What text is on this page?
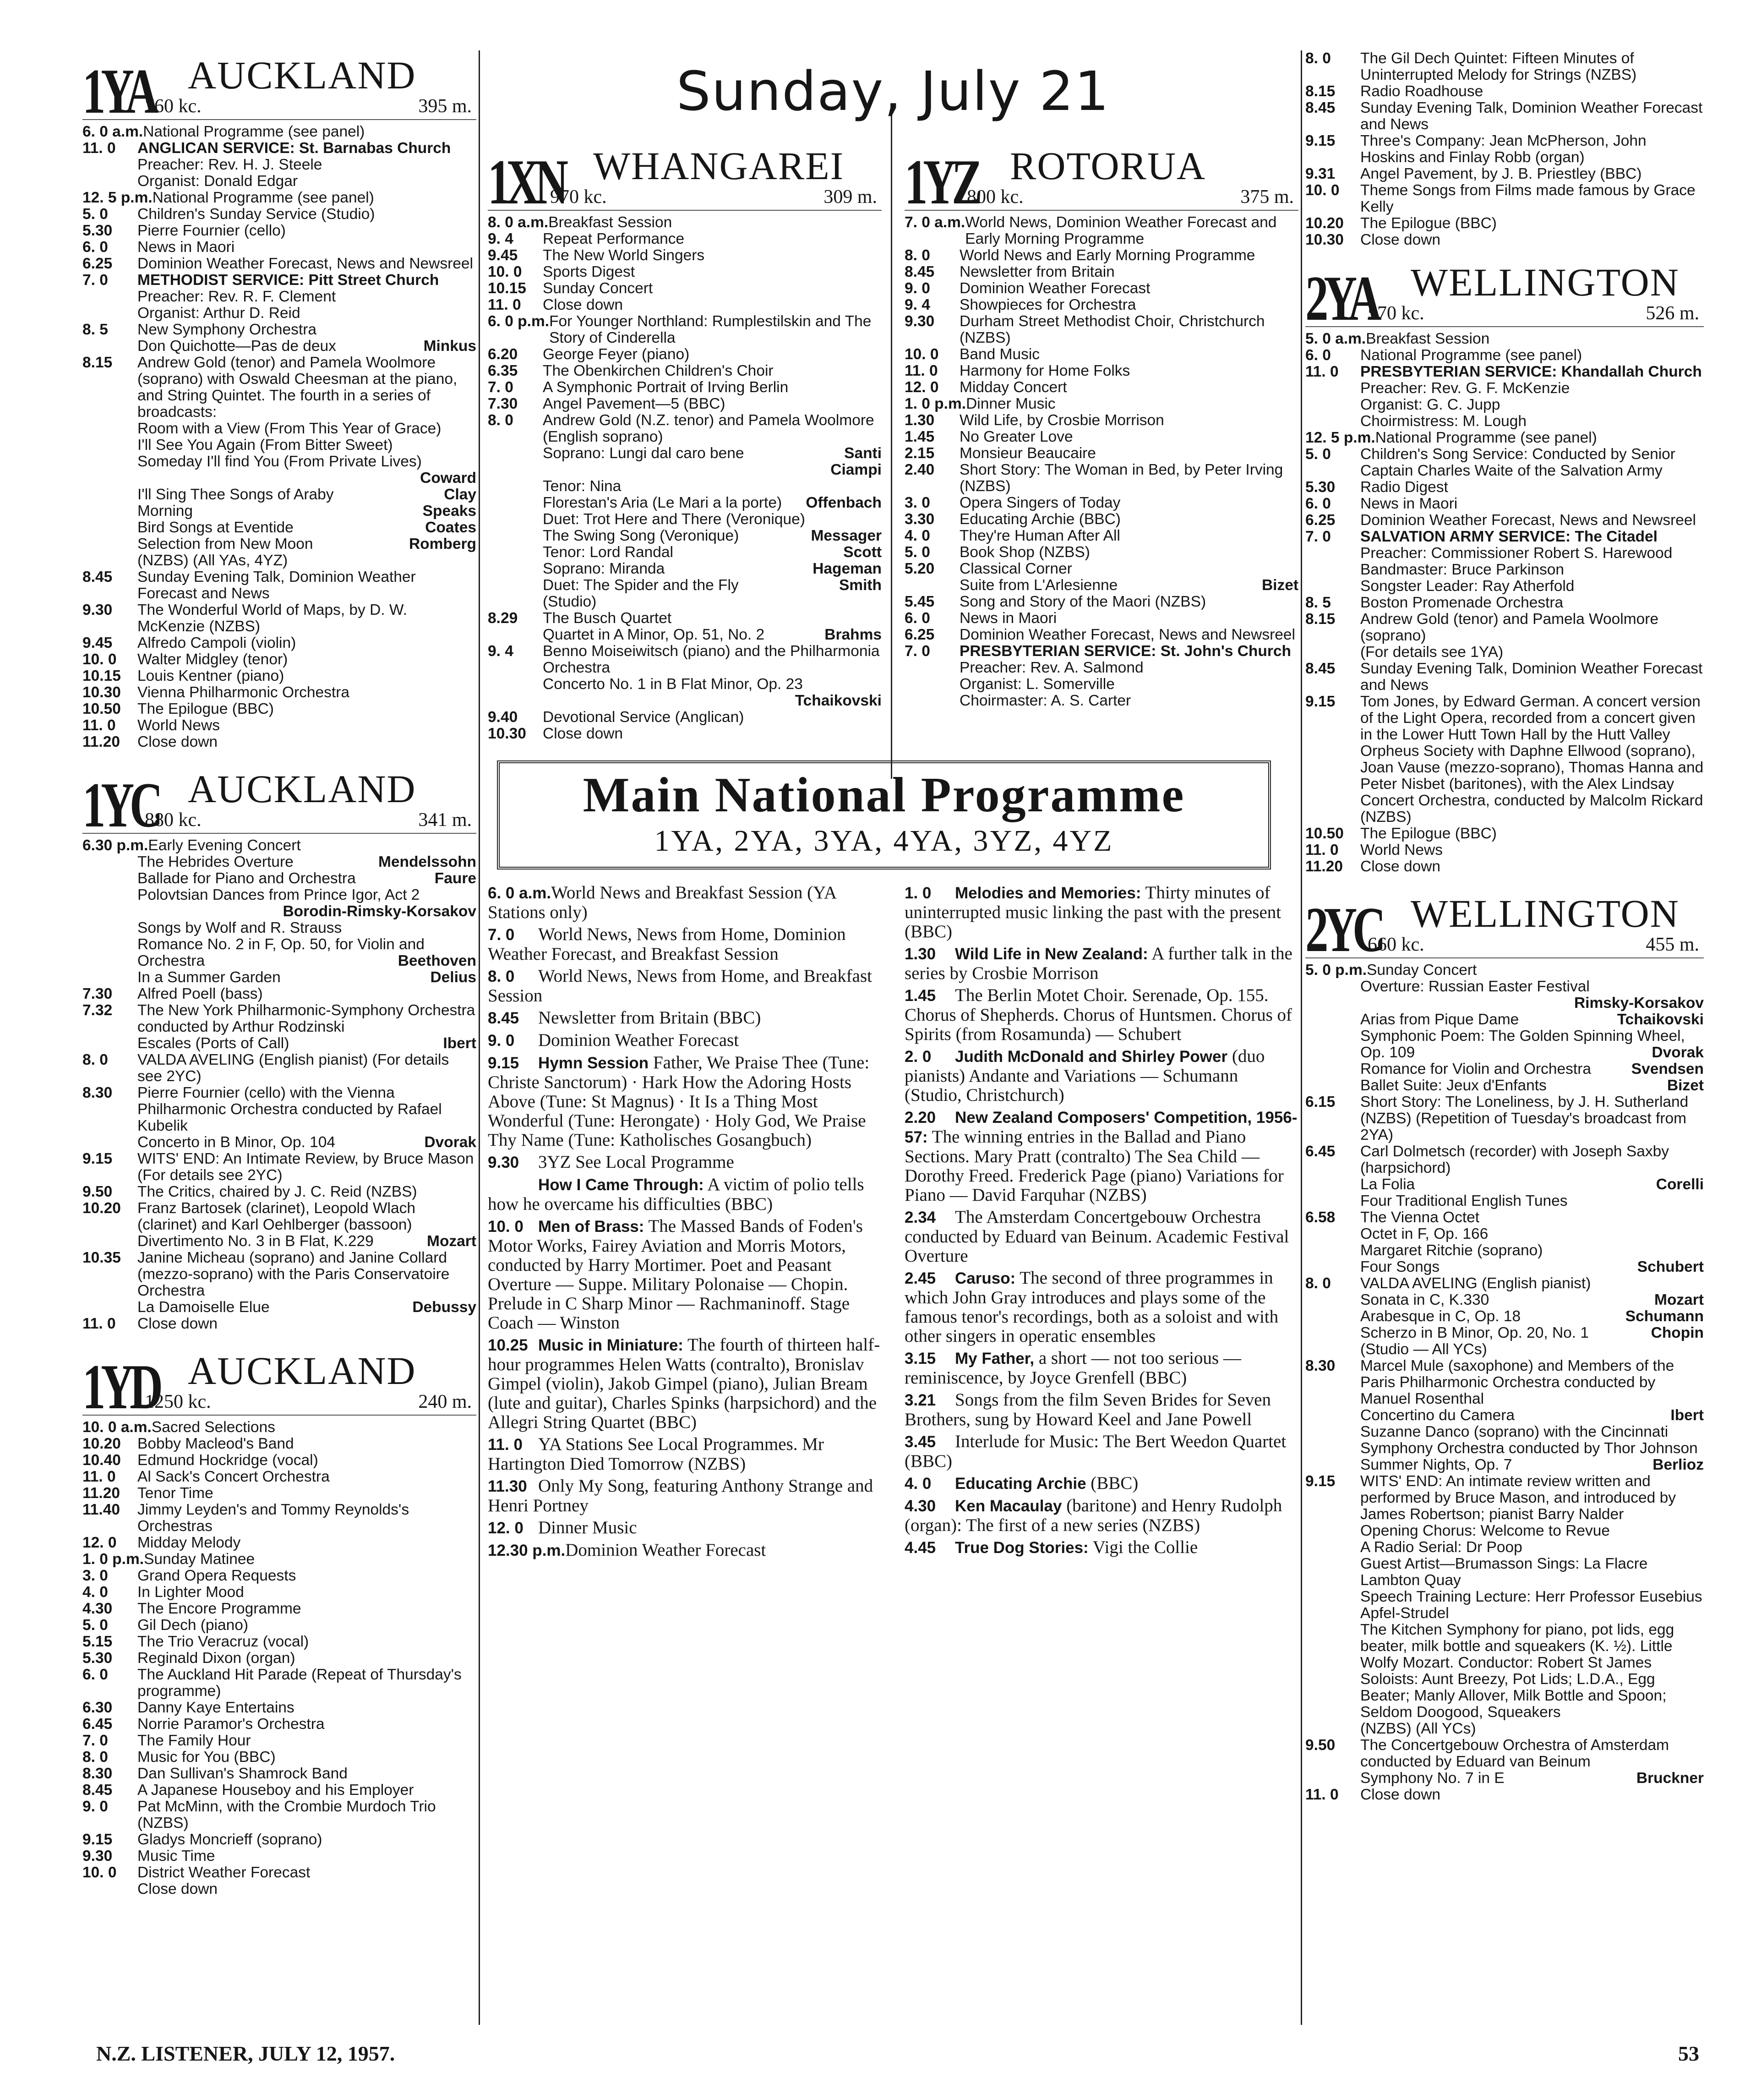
1YA
760 kc.
AUCKLAND
395 m.
6. 0 a.m. National Programme (see panel)
11. 0	ANGLICAN SERVICE: St. Barnabas Church
Preacher: Rev. H. J. Steele
Organist: Donald Edgar
12. 5 p.m. National Programme (see panel)
5. 0	Children's Sunday Service (Studio)
5.30	Pierre Fournier (cello)
6. 0	News in Maori
6.25	Dominion Weather Forecast, News and Newsreel
7. 0	METHODIST SERVICE: Pitt Street Church
Preacher: Rev. R. F. Clement
Organist: Arthur D. Reid
8. 5	New Symphony Orchestra
Don Quichotte—Pas de deux	Minkus
8.15	Andrew Gold (tenor) and Pamela Woolmore (soprano) with Oswald Cheesman at the piano, and String Quintet. The fourth in a series of broadcasts:
Room with a View (From This Year of Grace)
I'll See You Again (From Bitter Sweet)
Someday I'll find You (From Private Lives)
Coward
I'll Sing Thee Songs of Araby	Clay
Morning	Speaks
Bird Songs at Eventide	Coates
Selection from New Moon	Romberg
(NZBS) (All YAs, 4YZ)
8.45	Sunday Evening Talk, Dominion Weather Forecast and News
9.30	The Wonderful World of Maps, by D. W. McKenzie (NZBS)
9.45	Alfredo Campoli (violin)
10. 0	Walter Midgley (tenor)
10.15	Louis Kentner (piano)
10.30	Vienna Philharmonic Orchestra
10.50	The Epilogue (BBC)
11. 0	World News
11.20	Close down
1YC
880 kc.
AUCKLAND
341 m.
6.30 p.m. Early Evening Concert
The Hebrides Overture	Mendelssohn
Ballade for Piano and Orchestra	Faure
Polovtsian Dances from Prince Igor, Act 2
Borodin-Rimsky-Korsakov
Songs by Wolf and R. Strauss
Romance No. 2 in F, Op. 50, for Violin and Orchestra	Beethoven
In a Summer Garden	Delius
7.30	Alfred Poell (bass)
7.32	The New York Philharmonic-Symphony Orchestra conducted by Arthur Rodzinski
Escales (Ports of Call)	Ibert
8. 0	VALDA AVELING (English pianist) (For details see 2YC)
8.30	Pierre Fournier (cello) with the Vienna Philharmonic Orchestra conducted by Rafael Kubelik
Concerto in B Minor, Op. 104	Dvorak
9.15	WITS' END: An Intimate Review, by Bruce Mason (For details see 2YC)
9.50	The Critics, chaired by J. C. Reid (NZBS)
10.20	Franz Bartosek (clarinet), Leopold Wlach (clarinet) and Karl Oehlberger (bassoon)
Divertimento No. 3 in B Flat, K.229	Mozart
10.35	Janine Micheau (soprano) and Janine Collard (mezzo-soprano) with the Paris Conservatoire Orchestra
La Damoiselle Elue	Debussy
11. 0	Close down
1YD
1250 kc.
AUCKLAND
240 m.
10. 0 a.m. Sacred Selections
10.20	Bobby Macleod's Band
10.40	Edmund Hockridge (vocal)
11. 0	Al Sack's Concert Orchestra
11.20	Tenor Time
11.40	Jimmy Leyden's and Tommy Reynolds's Orchestras
12. 0	Midday Melody
1. 0 p.m. Sunday Matinee
3. 0	Grand Opera Requests
4. 0	In Lighter Mood
4.30	The Encore Programme
5. 0	Gil Dech (piano)
5.15	The Trio Veracruz (vocal)
5.30	Reginald Dixon (organ)
6. 0	The Auckland Hit Parade (Repeat of Thursday's programme)
6.30	Danny Kaye Entertains
6.45	Norrie Paramor's Orchestra
7. 0	The Family Hour
8. 0	Music for You (BBC)
8.30	Dan Sullivan's Shamrock Band
8.45	A Japanese Houseboy and his Employer
9. 0	Pat McMinn, with the Crombie Murdoch Trio (NZBS)
9.15	Gladys Moncrieff (soprano)
9.30	Music Time
10. 0	District Weather Forecast
Close down
Sunday, July 21
1XN
970 kc.
WHANGAREI
309 m.
8. 0 a.m. Breakfast Session
9. 4	Repeat Performance
9.45	The New World Singers
10. 0	Sports Digest
10.15	Sunday Concert
11. 0	Close down
6. 0 p.m. For Younger Northland: Rumplestilskin and The Story of Cinderella
6.20	George Feyer (piano)
6.35	The Obenkirchen Children's Choir
7. 0	A Symphonic Portrait of Irving Berlin
7.30	Angel Pavement—5 (BBC)
8. 0	Andrew Gold (N.Z. tenor) and Pamela Woolmore (English soprano)
Soprano: Lungi dal caro bene	Santi
Ciampi
Tenor: Nina
Florestan's Aria (Le Mari a la porte) Offenbach
Duet: Trot Here and There (Veronique)
The Swing Song (Veronique)	Messager
Tenor: Lord Randal	Scott
Soprano: Miranda	Hageman
Duet: The Spider and the Fly	Smith
(Studio)
8.29	The Busch Quartet
Quartet in A Minor, Op. 51, No. 2	Brahms
9. 4	Benno Moiseiwitsch (piano) and the Philharmonia Orchestra
Concerto No. 1 in B Flat Minor, Op. 23
Tchaikovski
9.40	Devotional Service (Anglican)
10.30	Close down
1YZ
800 kc.
ROTORUA
375 m.
7. 0 a.m. World News, Dominion Weather Forecast and Early Morning Programme
8. 0	World News and Early Morning Programme
8.45	Newsletter from Britain
9. 0	Dominion Weather Forecast
9. 4	Showpieces for Orchestra
9.30	Durham Street Methodist Choir, Christchurch (NZBS)
10. 0	Band Music
11. 0	Harmony for Home Folks
12. 0	Midday Concert
1. 0 p.m. Dinner Music
1.30	Wild Life, by Crosbie Morrison
1.45	No Greater Love
2.15	Monsieur Beaucaire
2.40	Short Story: The Woman in Bed, by Peter Irving (NZBS)
3. 0	Opera Singers of Today
3.30	Educating Archie (BBC)
4. 0	They're Human After All
5. 0	Book Shop (NZBS)
5.20	Classical Corner
Suite from L'Arlesienne	Bizet
5.45	Song and Story of the Maori (NZBS)
6. 0	News in Maori
6.25	Dominion Weather Forecast, News and Newsreel
7. 0	PRESBYTERIAN SERVICE: St. John's Church
Preacher: Rev. A. Salmond
Organist: L. Somerville
Choirmaster: A. S. Carter
Main National Programme
1YA, 2YA, 3YA, 4YA, 3YZ, 4YZ

6. 0 a.m.World News and Breakfast Session (YA Stations only)

7. 0 World News, News from Home, Dominion Weather Forecast, and Breakfast Session

8. 0 World News, News from Home, and Breakfast Session

8.45 Newsletter from Britain (BBC)

9. 0 Dominion Weather Forecast

9.15 Hymn Session Father, We Praise Thee (Tune: Christe Sanctorum) · Hark How the Adoring Hosts Above (Tune: St Magnus) · It Is a Thing Most Wonderful (Tune: Herongate) · Holy God, We Praise Thy Name (Tune: Katholisches Gosangbuch)

9.30 3YZ See Local Programme

How I Came Through: A victim of polio tells how he overcame his difficulties (BBC)

10. 0 Men of Brass: The Massed Bands of Foden's Motor Works, Fairey Aviation and Morris Motors, conducted by Harry Mortimer. Poet and Peasant Overture — Suppe. Military Polonaise — Chopin. Prelude in C Sharp Minor — Rachmaninoff. Stage Coach — Winston

10.25 Music in Miniature: The fourth of thirteen half-hour programmes Helen Watts (contralto), Bronislav Gimpel (violin), Jakob Gimpel (piano), Julian Bream (lute and guitar), Charles Spinks (harpsichord) and the Allegri String Quartet (BBC)

11. 0 YA Stations See Local Programmes. Mr Hartington Died Tomorrow (NZBS)

11.30 Only My Song, featuring Anthony Strange and Henri Portney

12. 0 Dinner Music

12.30 p.m.Dominion Weather Forecast

1. 0 Melodies and Memories: Thirty minutes of uninterrupted music linking the past with the present (BBC)

1.30 Wild Life in New Zealand: A further talk in the series by Crosbie Morrison

1.45 The Berlin Motet Choir. Serenade, Op. 155. Chorus of Shepherds. Chorus of Huntsmen. Chorus of Spirits (from Rosamunda) — Schubert

2. 0 Judith McDonald and Shirley Power (duo pianists) Andante and Variations — Schumann (Studio, Christchurch)

2.20 New Zealand Composers' Competition, 1956-57: The winning entries in the Ballad and Piano Sections. Mary Pratt (contralto) The Sea Child — Dorothy Freed. Frederick Page (piano) Variations for Piano — David Farquhar (NZBS)

2.34 The Amsterdam Concertgebouw Orchestra conducted by Eduard van Beinum. Academic Festival Overture

2.45 Caruso: The second of three programmes in which John Gray introduces and plays some of the famous tenor's recordings, both as a soloist and with other singers in operatic ensembles

3.15 My Father, a short — not too serious — reminiscence, by Joyce Grenfell (BBC)

3.21 Songs from the film Seven Brides for Seven Brothers, sung by Howard Keel and Jane Powell

3.45 Interlude for Music: The Bert Weedon Quartet (BBC)

4. 0 Educating Archie (BBC)

4.30 Ken Macaulay (baritone) and Henry Rudolph (organ): The first of a new series (NZBS)

4.45 True Dog Stories: Vigi the Collie

8. 0	The Gil Dech Quintet: Fifteen Minutes of Uninterrupted Melody for Strings (NZBS)
8.15	Radio Roadhouse
8.45	Sunday Evening Talk, Dominion Weather Forecast and News
9.15	Three's Company: Jean McPherson, John Hoskins and Finlay Robb (organ)
9.31	Angel Pavement, by J. B. Priestley (BBC)
10. 0	Theme Songs from Films made famous by Grace Kelly
10.20	The Epilogue (BBC)
10.30	Close down
2YA
570 kc.
WELLINGTON
526 m.
5. 0 a.m. Breakfast Session
6. 0	National Programme (see panel)
11. 0	PRESBYTERIAN SERVICE: Khandallah Church
Preacher: Rev. G. F. McKenzie
Organist: G. C. Jupp
Choirmistress: M. Lough
12. 5 p.m. National Programme (see panel)
5. 0	Children's Song Service: Conducted by Senior Captain Charles Waite of the Salvation Army
5.30	Radio Digest
6. 0	News in Maori
6.25	Dominion Weather Forecast, News and Newsreel
7. 0	SALVATION ARMY SERVICE: The Citadel
Preacher: Commissioner Robert S. Harewood
Bandmaster: Bruce Parkinson
Songster Leader: Ray Atherfold
8. 5	Boston Promenade Orchestra
8.15	Andrew Gold (tenor) and Pamela Woolmore (soprano)
(For details see 1YA)
8.45	Sunday Evening Talk, Dominion Weather Forecast and News
9.15	Tom Jones, by Edward German. A concert version of the Light Opera, recorded from a concert given in the Lower Hutt Town Hall by the Hutt Valley Orpheus Society with Daphne Ellwood (soprano), Joan Vause (mezzo-soprano), Thomas Hanna and Peter Nisbet (baritones), with the Alex Lindsay Concert Orchestra, conducted by Malcolm Rickard (NZBS)
10.50	The Epilogue (BBC)
11. 0	World News
11.20	Close down
2YC
660 kc.
WELLINGTON
455 m.
5. 0 p.m. Sunday Concert
Overture: Russian Easter Festival
Rimsky-Korsakov
Arias from Pique Dame	Tchaikovski
Symphonic Poem: The Golden Spinning Wheel, Op. 109	Dvorak
Romance for Violin and Orchestra	Svendsen
Ballet Suite: Jeux d'Enfants	Bizet
6.15	Short Story: The Loneliness, by J. H. Sutherland (NZBS) (Repetition of Tuesday's broadcast from 2YA)
6.45	Carl Dolmetsch (recorder) with Joseph Saxby (harpsichord)
La Folia	Corelli
Four Traditional English Tunes
6.58	The Vienna Octet
Octet in F, Op. 166
Margaret Ritchie (soprano)
Four Songs	Schubert
8. 0	VALDA AVELING (English pianist)
Sonata in C, K.330	Mozart
Arabesque in C, Op. 18	Schumann
Scherzo in B Minor, Op. 20, No. 1	Chopin
(Studio — All YCs)
8.30	Marcel Mule (saxophone) and Members of the Paris Philharmonic Orchestra conducted by Manuel Rosenthal
Concertino du Camera	Ibert
Suzanne Danco (soprano) with the Cincinnati Symphony Orchestra conducted by Thor Johnson
Summer Nights, Op. 7	Berlioz
9.15	WITS' END: An intimate review written and performed by Bruce Mason, and introduced by James Robertson; pianist Barry Nalder
Opening Chorus: Welcome to Revue
A Radio Serial: Dr Poop
Guest Artist—Brumasson Sings: La Flacre
Lambton Quay
Speech Training Lecture: Herr Professor Eusebius Apfel-Strudel
The Kitchen Symphony for piano, pot lids, egg beater, milk bottle and squeakers (K. ½). Little Wolfy Mozart. Conductor: Robert St James
Soloists: Aunt Breezy, Pot Lids; L.D.A., Egg Beater; Manly Allover, Milk Bottle and Spoon; Seldom Doogood, Squeakers
(NZBS) (All YCs)
9.50	The Concertgebouw Orchestra of Amsterdam conducted by Eduard van Beinum
Symphony No. 7 in E	Bruckner
11. 0	Close down
N.Z. LISTENER, JULY 12, 1957.	53
